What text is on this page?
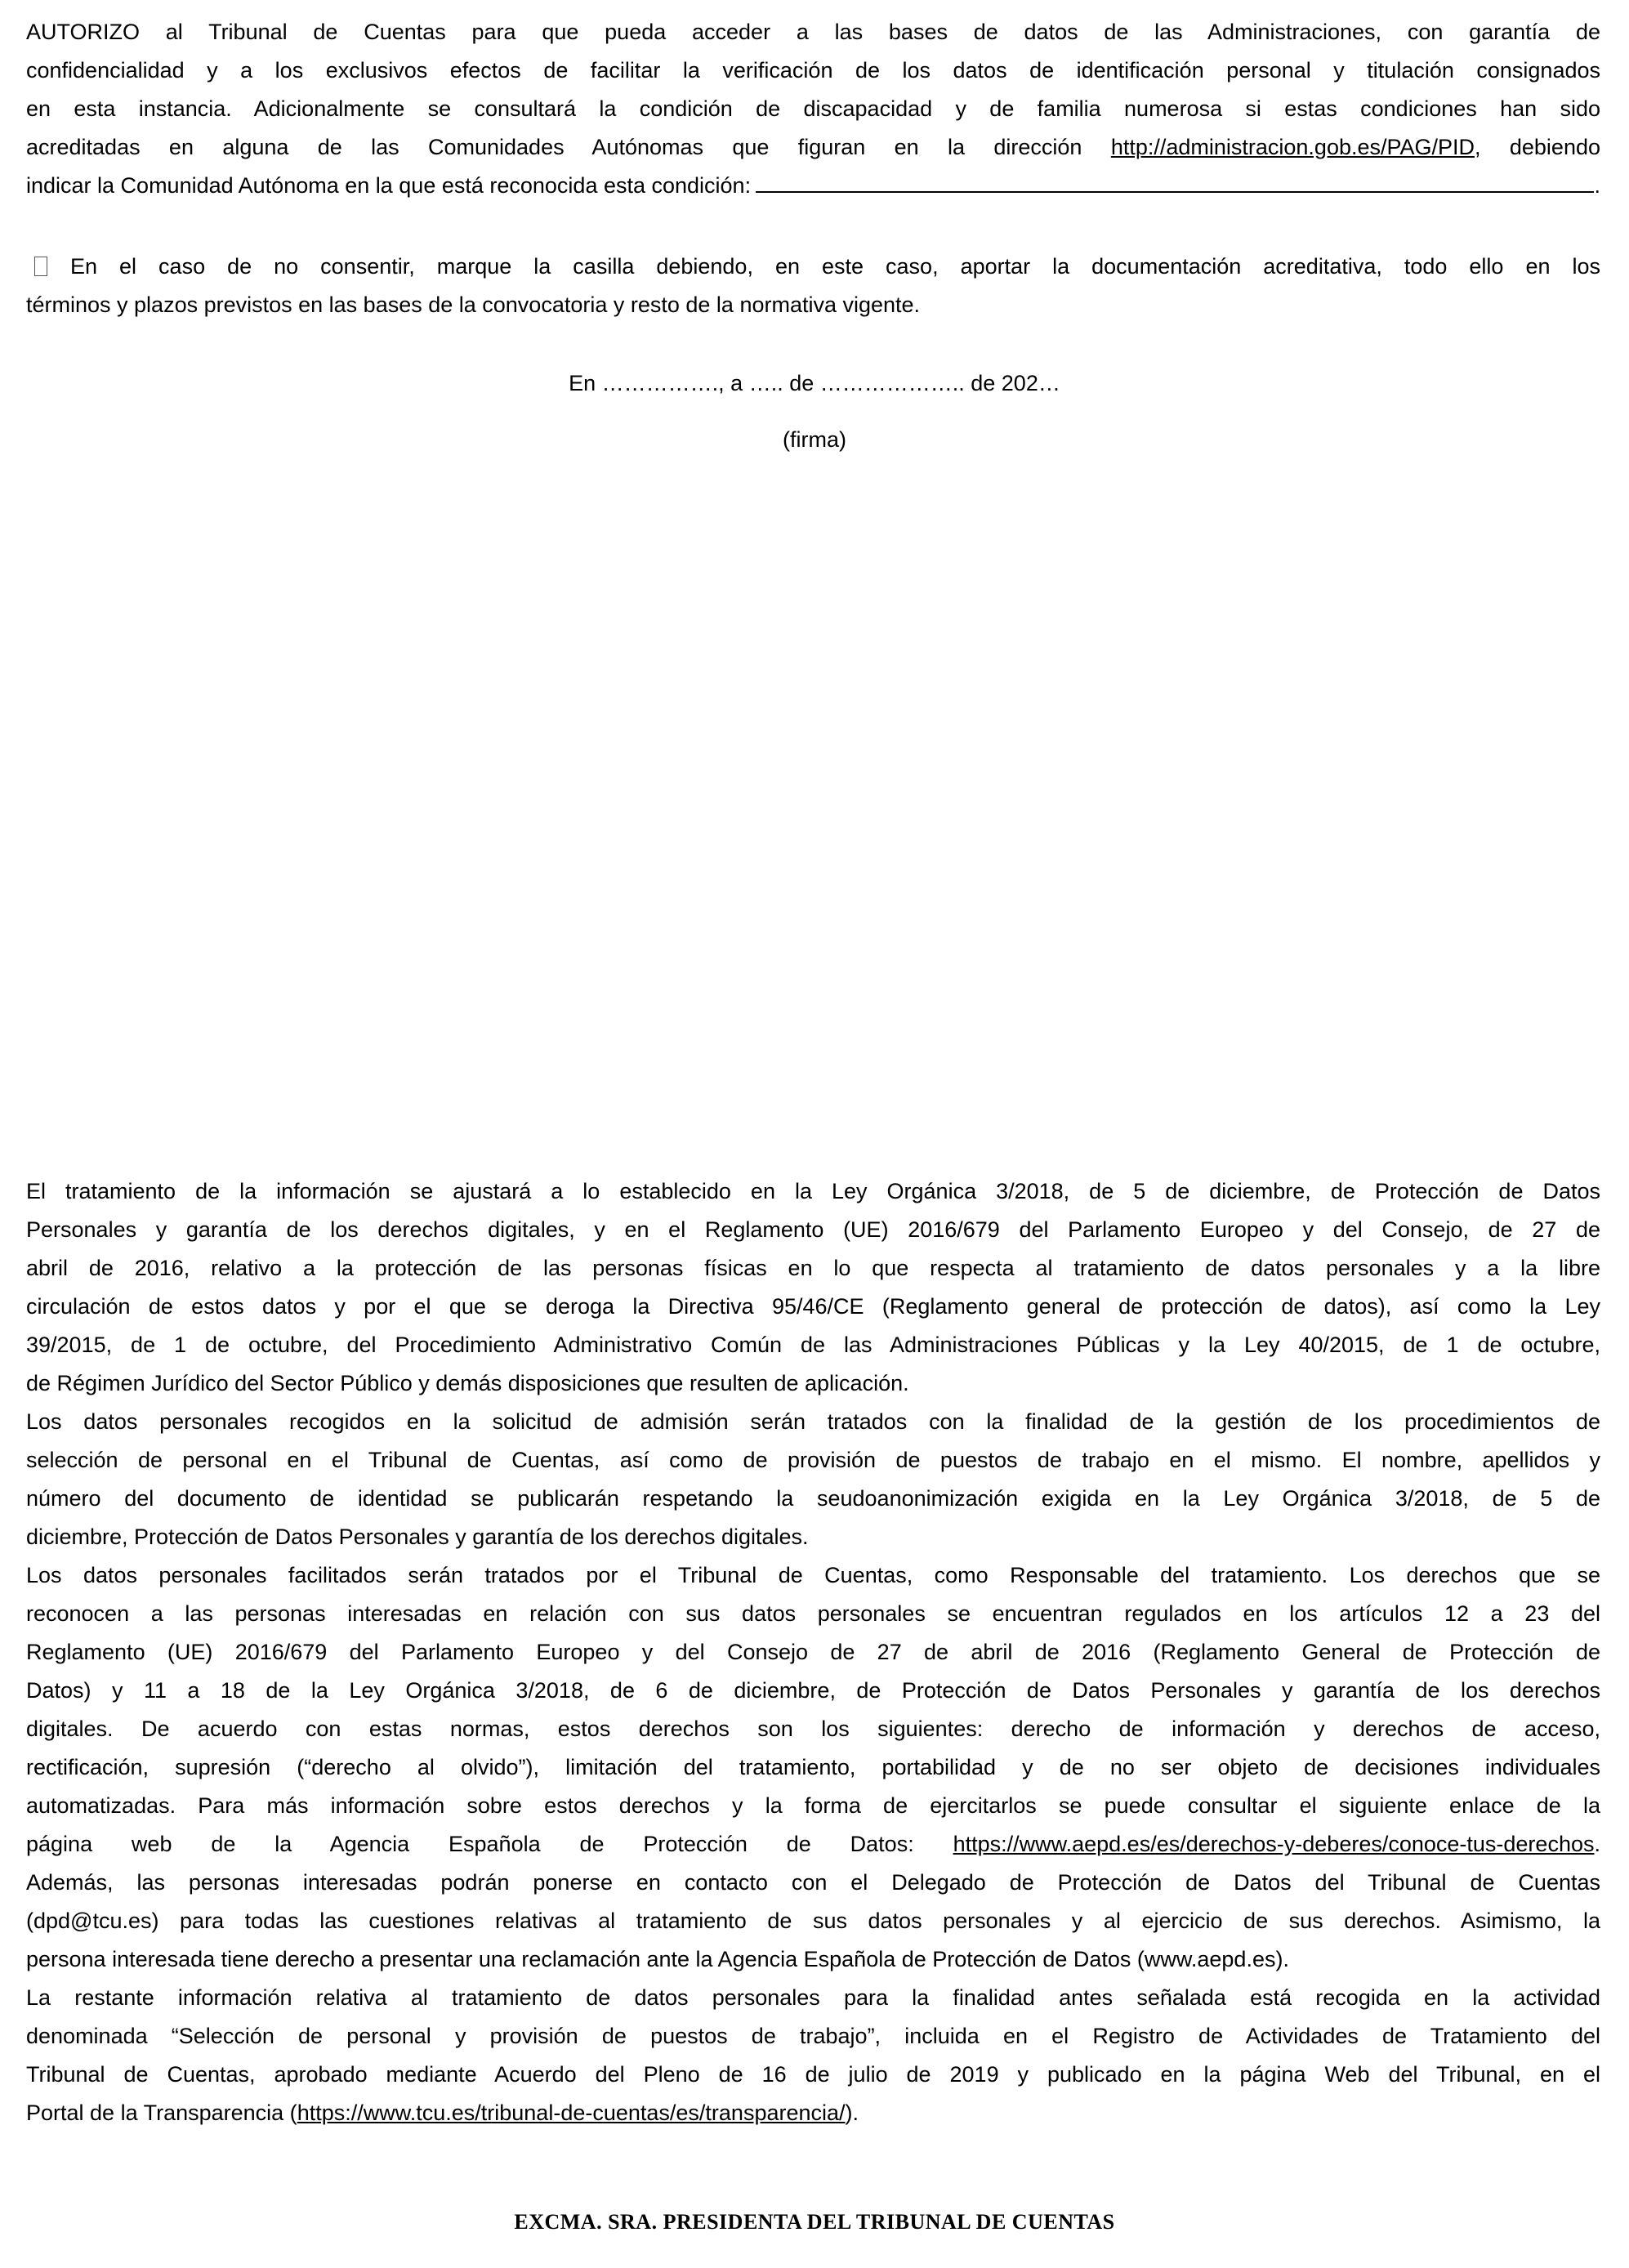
AUTORIZO al Tribunal de Cuentas para que pueda acceder a las bases de datos de las Administraciones, con garantía de
confidencialidad y a los exclusivos efectos de facilitar la verificación de los datos de identificación personal y titulación consignados
en esta instancia. Adicionalmente se consultará la condición de discapacidad y de familia numerosa si estas condiciones han sido
acreditadas en alguna de las Comunidades Autónomas que figuran en la dirección http://administracion.gob.es/PAG/PID, debiendo
indicar la Comunidad Autónoma en la que está reconocida esta condición:	.
En el caso de no consentir, marque la casilla debiendo, en este caso, aportar la documentación acreditativa, todo ello en los
términos y plazos previstos en las bases de la convocatoria y resto de la normativa vigente.
En ……………., a ….. de ……………….. de 202…
(firma)
El tratamiento de la información se ajustará a lo establecido en la Ley Orgánica 3/2018, de 5 de diciembre, de Protección de Datos
Personales y garantía de los derechos digitales, y en el Reglamento (UE) 2016/679 del Parlamento Europeo y del Consejo, de 27 de
abril de 2016, relativo a la protección de las personas físicas en lo que respecta al tratamiento de datos personales y a la libre
circulación de estos datos y por el que se deroga la Directiva 95/46/CE (Reglamento general de protección de datos), así como la Ley
39/2015, de 1 de octubre, del Procedimiento Administrativo Común de las Administraciones Públicas y la Ley 40/2015, de 1 de octubre,
de Régimen Jurídico del Sector Público y demás disposiciones que resulten de aplicación.
Los datos personales recogidos en la solicitud de admisión serán tratados con la finalidad de la gestión de los procedimientos de
selección de personal en el Tribunal de Cuentas, así como de provisión de puestos de trabajo en el mismo. El nombre, apellidos y
número del documento de identidad se publicarán respetando la seudoanonimización exigida en la Ley Orgánica 3/2018, de 5 de
diciembre, Protección de Datos Personales y garantía de los derechos digitales.
Los datos personales facilitados serán tratados por el Tribunal de Cuentas, como Responsable del tratamiento. Los derechos que se
reconocen a las personas interesadas en relación con sus datos personales se encuentran regulados en los artículos 12 a 23 del
Reglamento (UE) 2016/679 del Parlamento Europeo y del Consejo de 27 de abril de 2016 (Reglamento General de Protección de
Datos) y 11 a 18 de la Ley Orgánica 3/2018, de 6 de diciembre, de Protección de Datos Personales y garantía de los derechos
digitales. De acuerdo con estas normas, estos derechos son los siguientes: derecho de información y derechos de acceso,
rectificación, supresión (“derecho al olvido”), limitación del tratamiento, portabilidad y de no ser objeto de decisiones individuales
automatizadas. Para más información sobre estos derechos y la forma de ejercitarlos se puede consultar el siguiente enlace de la
página web de la Agencia Española de Protección de Datos: https://www.aepd.es/es/derechos-y-deberes/conoce-tus-derechos.
Además, las personas interesadas podrán ponerse en contacto con el Delegado de Protección de Datos del Tribunal de Cuentas
(dpd@tcu.es) para todas las cuestiones relativas al tratamiento de sus datos personales y al ejercicio de sus derechos. Asimismo, la
persona interesada tiene derecho a presentar una reclamación ante la Agencia Española de Protección de Datos (www.aepd.es).
La restante información relativa al tratamiento de datos personales para la finalidad antes señalada está recogida en la actividad
denominada “Selección de personal y provisión de puestos de trabajo”, incluida en el Registro de Actividades de Tratamiento del
Tribunal de Cuentas, aprobado mediante Acuerdo del Pleno de 16 de julio de 2019 y publicado en la página Web del Tribunal, en el
Portal de la Transparencia (https://www.tcu.es/tribunal-de-cuentas/es/transparencia/).
EXCMA. SRA. PRESIDENTA DEL TRIBUNAL DE CUENTAS
